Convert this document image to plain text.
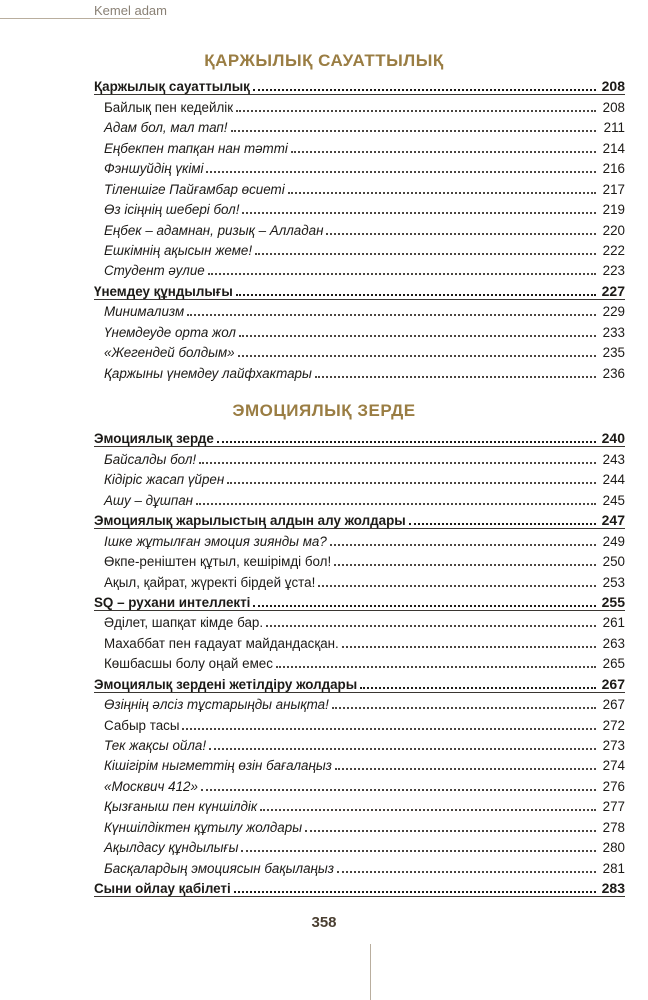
Kemel adam
ҚАРЖЫЛЫҚ САУАТТЫЛЫҚ
Қаржылық сауаттылық	208
Байлық пен кедейлік	208
Адам бол, мал тап!	211
Еңбекпен тапқан нан тәтті	214
Фэншуйдің үкімі	216
Тіленшіге Пайғамбар өсиеті	217
Өз ісіңнің шебері бол!	219
Еңбек – адамнан, ризық – Алладан	220
Ешкімнің ақысын жеме!	222
Студент әулие	223
Үнемдеу құндылығы	227
Минимализм	229
Үнемдеуде орта жол	233
«Жегендей болдым»	235
Қаржыны үнемдеу лайфхактары	236
ЭМОЦИЯЛЫҚ ЗЕРДЕ
Эмоциялық зерде	240
Байсалды бол!	243
Кідіріс жасап үйрен	244
Ашу – дұшпан	245
Эмоциялық жарылыстың алдын алу жолдары	247
Ішке жұтылған эмоция зиянды ма?	249
Өкпе-реніштен құтыл, кешірімді бол!	250
Ақыл, қайрат, жүректі бірдей ұста!	253
SQ – рухани интеллекті	255
Әділет, шапқат кімде бар.	261
Махаббат пен ғадауат майдандасқан.	263
Көшбасшы болу оңай емес	265
Эмоциялық зердені жетілдіру жолдары	267
Өзіңнің әлсіз тұстарыңды анықта!	267
Сабыр тасы	272
Тек жақсы ойла!	273
Кішігірім ныгметтің өзін бағалаңыз	274
«Москвич 412»	276
Қызғаныш пен күншілдік	277
Күншілдіктен құтылу жолдары	278
Ақылдасу құндылығы	280
Басқалардың эмоциясын бақылаңыз	281
Сыни ойлау қабілеті	283
358
